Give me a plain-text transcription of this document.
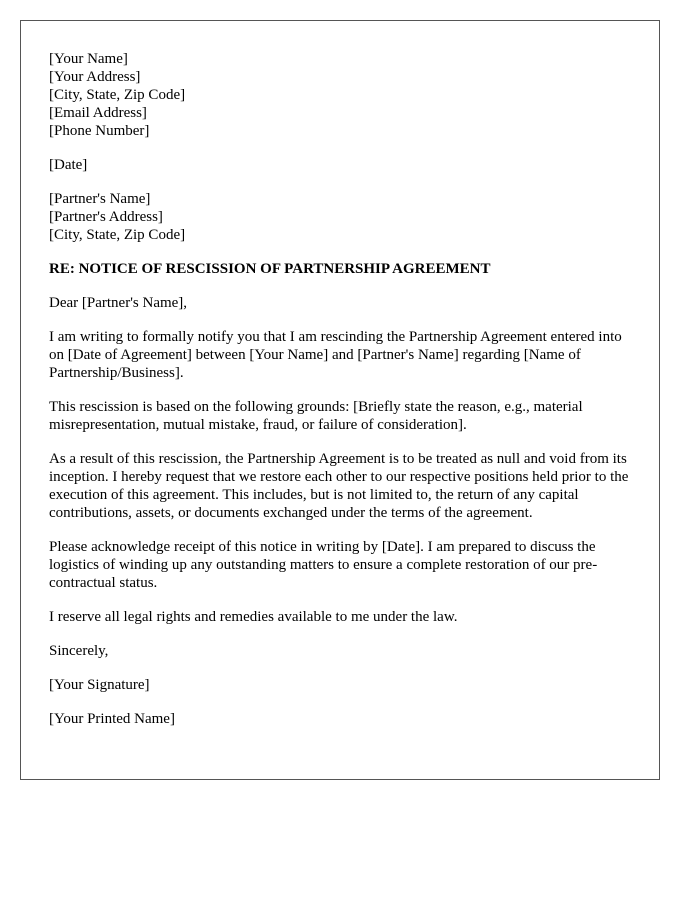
[Your Name]
[Your Address]
[City, State, Zip Code]
[Email Address]
[Phone Number]

[Date]

[Partner's Name]
[Partner's Address]
[City, State, Zip Code]

RE: NOTICE OF RESCISSION OF PARTNERSHIP AGREEMENT

Dear [Partner's Name],

I am writing to formally notify you that I am rescinding the Partnership Agreement entered into on [Date of Agreement] between [Your Name] and [Partner's Name] regarding [Name of Partnership/Business].

This rescission is based on the following grounds: [Briefly state the reason, e.g., material misrepresentation, mutual mistake, fraud, or failure of consideration].

As a result of this rescission, the Partnership Agreement is to be treated as null and void from its inception. I hereby request that we restore each other to our respective positions held prior to the execution of this agreement. This includes, but is not limited to, the return of any capital contributions, assets, or documents exchanged under the terms of the agreement.

Please acknowledge receipt of this notice in writing by [Date]. I am prepared to discuss the logistics of winding up any outstanding matters to ensure a complete restoration of our pre-contractual status.

I reserve all legal rights and remedies available to me under the law.

Sincerely,

[Your Signature]

[Your Printed Name]
